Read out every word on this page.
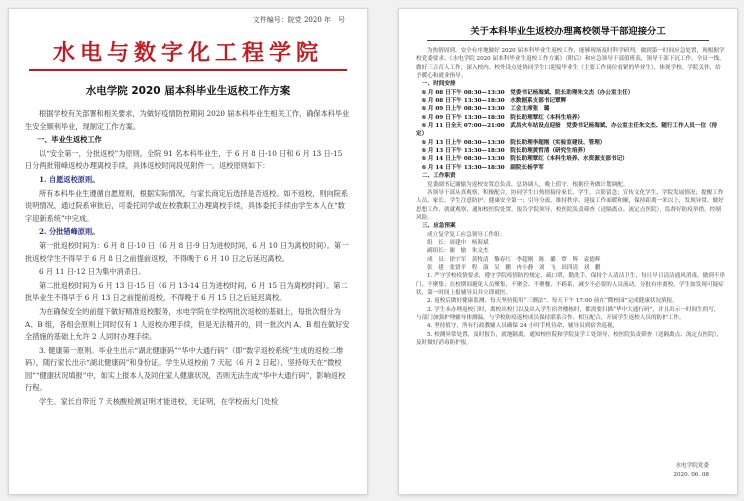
文件编号：院党 2020 年　号
水电与数字化工程学院
水电学院 2020 届本科毕业生返校工作方案

根据学校有关部署和相关要求，为做好疫情防控期间 2020 届本科毕业生相关工作，确保本科毕业生安全顺利毕业，现制定工作方案。

一、毕业生返校工作

以“安全第一，分批返校”为原则。全院 91 名本科毕业生，于 6 月 8 日-10 日和 6 月 13 日-15 日分两批错峰返校办理离校手续，具体返校时间段见附件一。返校原则如下：

1. 自愿返校原则。

所有本科毕业生遵循自愿原则，根据实际情况，与家长商定后选择是否返校。如不返校，则向院系说明情况，通过院系审批后，可委托同学或在校教职工办理离校手续，具体委托手续由学生本人在“数字迎新系统”中完成。

2. 分批错峰原则。

第一批返校时间为：6 月 8 日-10 日（6 月 8 日-9 日为进校时间，6 月 10 日为离校时间）。第一批返校学生不得早于 6 月 8 日之前提前返校，不得晚于 6 月 10 日之后延迟离校。

6 月 11 日-12 日为集中消杀日。

第二批返校时间为 6 月 13 日-15 日（6 月 13-14 日为进校时间，6 月 15 日为离校时间）。第二批毕业生不得早于 6 月 13 日之前提前返校，不得晚于 6 月 15 日之后延迟离校。

为在确保安全的前提下做好精准返校服务，水电学院在学校两批次返校的基础上，每批次细分为 A、B 组，各组会原则上同时仅有 1 人返校办理手续，但是无法精开的，同一批次内 A、B 组在做好安全措施的基础上允许 2 人同时办理手续。

3. 健康第一原则。毕业生出示“湖北健康码”“华中大通行码”（即“数字返校系统”生成的返校二维码），随行家长出示“湖北健康码”和身份证。学生从返校前 7 天起（6 月 2 日起），坚持每天在“微校园”“健康状况填报”中，如实上报本人及同住家人健康状况，否则无法生成“华中大通行码”，影响返校行程。

学生、家长自带近 7 天核酸检测证明才能进校，无证明，在学校南大门处检

关于本科毕业生返校办理离校领导干部迎接分工

为热情周到、安全有序地做好 2020 届本科毕业生返校工作，能够现场及时科学研判，做到第一时间应急处置，现根据学校党委要求，《水电学院 2020 届本科毕业生返校工作方案》（附后）和应急领导干部值班表，领导干部下沉工作，全员一线，做好三合育人工作，深入校内、校外设点处协同学生口迎接毕业生（主要工作岗位看紧的毕业生），体现学校、学院关怀，给予暖心和就业指导。

一、时间安排

6 月 08 日下午 08:30—13:30　党委书记杨海斌、院长助理朱文杰（办公室主任）

6 月 08 日下午 13:30—18:30　水数据系支部书记覃辉

6 月 09 日上午 08:30—13:30　工会主席张　璐

6 月 09 日下午 13:30—18:30　院长助理覃红（本科生培养）

6 月 11 日全天 07:00—21:00　武昌火车站设点迎接　党委书记杨海斌、办公室主任朱文杰、随行工作人员一位（待定）

6 月 13 日上午 08:30—13:30　院长助理李超刚（实验室建设、管理）

6 月 13 日下午 13:30—18:30　院长助理黄哲清（研究生培养）

6 月 14 日上午 08:30—13:30　院长助理覃红（本科生培养、水资源支部书记）

6 月 14 日下午 13:30—18:30　副院长杨学军

二、工作职责

党委副书记谢愉为返校安置总负责、总协调人，晚上值守，根据任务做计划调配。

各领导干部从真观察，积极配合，协同学生口热情接待家长、学生，合影留念；宣传文化学生、学院发展情况；提醒工作人员、家长、学生注意防护、健康安全第一；引导分流，维持秩序、迎接工作面暖和顺，保持距离一米以上，发现异常，做好思想工作、就就观察，通知校医院处置，报告学院领导，校医院负责筛查（送隔离点、流定点医院），监督好防疫举措，控制风险。

三、应急预案

成立复学复工应急领导工作组：

组　长：周建中　杨海斌

副组长：谢　愉　朱文杰

成　员：徐宇军　黄牧清　黎春红　李超刚　陈　璐　覃　辉　袁德辉

张　建　张贤平　程　淑　吴　鹏　冉小静　刘　飞　田四清　刘　鹏

1. 严守学校疫情要求，遵守学院疫情防控规定，疏口罩，勤洗手，保持个人清洁卫生，每日早日清洁通风消毒，做到不串门、不聚集；在校期间避免人员聚集，不聚会、不聚餐、不跨系，减少不必要的人员流动，分批有序离校。学生如发现可疑症状，第一时间上报辅导员并立即就医。

2. 返校后做好健康监测，每天坚持使用“三测法”，每天下午 17:00 前在“微校园”完成健康状况填报。

3. 学生未办理返校门时，离校出校门以及出入学生宿舍楼栋时，都需要扫描“华中大通行码”，并且出示一时间生的写，与部门加强护理辅导体测温，与学校防疫返校成员保持联系合作、相互配合，开展学生返校人员的防护工作。

4. 坚持值守，所有行政教辅人员确保 24 小时手机待命，辅导员到宿舍巡视，

5. 校测异常处置，及时报告，就地隔离，通知校医院和学院及学工处领导，校医院负责筛查（送隔离点、流定点医院），及时做好消毒防护报。

水电学院党委
2020. 06. 08
